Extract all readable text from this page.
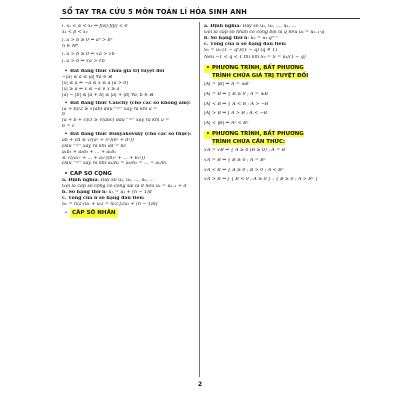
SỔ TAY TRA CỨU 5 MÔN TOÁN LÍ HÓA SINH ANH
i. x₁ < α < x₂ ⇔ f(α)·f(β) < 0
x₁ < β < x₂
j. a > b ≥ 0 ⇔ aⁿ > bⁿ
n ∈ ℕ*
i. a > b ≥ 0 ⇔ √a > √b
j. a > b ⇔ ∛a > ∛b
• Bất đẳng thức chứa giá trị tuyệt đối
−|a| ≤ a ≤ |a| ∀a ∈ ℝ
|x| ≤ a ⇔ −a ≤ x ≤ a (a > 0)
|x| ≥ a ⇔ x ≤ −a ∨ x ≥ a
|a| − |b| ≤ |a + b| ≤ |a| + |b| ∀a, b ∈ ℝ
• Bất đẳng thức Cauchy (cho các số không âm):
(a + b)/2 ≥ √(ab) dấu "=" xảy ra khi a =
b
(a + b + c)/3 ≥ ∛(abc) dấu "=" xảy ra khi a =
b = c
• Bất đẳng thức Bunyakovsky (cho các số thực):
ab + cd ≤ √((a² + c²)(b² + d²))
Dấu "=" xảy ra khi ad = bc
a₁b₁ + a₂b₂ + … + aₙbₙ
≤ √((a₁² + … + aₙ²)(b₁² + … + bₙ²))
Dấu "=" xảy ra khi a₁/b₁ = a₂/b₂ = … = aₙ/bₙ
• CẤP SỐ CỘNG
a. Định nghĩa: Dãy số u₁, u₂, …, uₙ, …
Gọi là cấp số cộng có công sai là d nếu uₖ = uₖ₋₁ + d
b. Số hạng thứ n: uₙ = u₁ + (n − 1)d
c. Tổng của n số hạng đầu tiên:
Sₙ = n/2·(u₁ + uₙ) = n/2·[2u₁ + (n − 1)d]
• CẤP SỐ NHÂN
a. Định nghĩa: Dãy số u₁, u₂, …, uₙ, …
Gọi là cấp số nhân có công bội là q nếu uₖ = uₖ₋₁·q
b. Số hạng thứ n: uₙ = u₁·qⁿ⁻¹
c. Tổng của n số hạng đầu tiên:
Sₙ = u₁·(1 − qⁿ)/(1 − q) (q ≠ 1)
Nếu −1 < q < 1 thì lim Sₙ = S = u₁/(1 − q)
• PHƯƠNG TRÌNH, BẤT PHƯƠNG
TRÌNH CHỨA GIÁ TRỊ TUYỆT ĐỐI
|A| = |B| ⇔ A = ±B
|A| = B ⇔ { B ≥ 0 ; A = ±B
|A| < B ⇔ { A < B ; A > −B
|A| > B ⇔ [ A > B ; A < −B
|A| < |B| ⇔ A² < B²
• PHƯƠNG TRÌNH, BẤT PHƯƠNG
TRÌNH CHỨA CĂN THỨC:
√A = √B ⇔ { A ≥ 0 (B ≥ 0) ; A = B
√A = B ⇔ { B ≥ 0 ; A = B²
√A < B ⇔ { A ≥ 0 ; B > 0 ; A < B²
√A > B ⇔ [ { B < 0 ; A ≥ 0 } ; { B ≥ 0 ; A > B² }
2
